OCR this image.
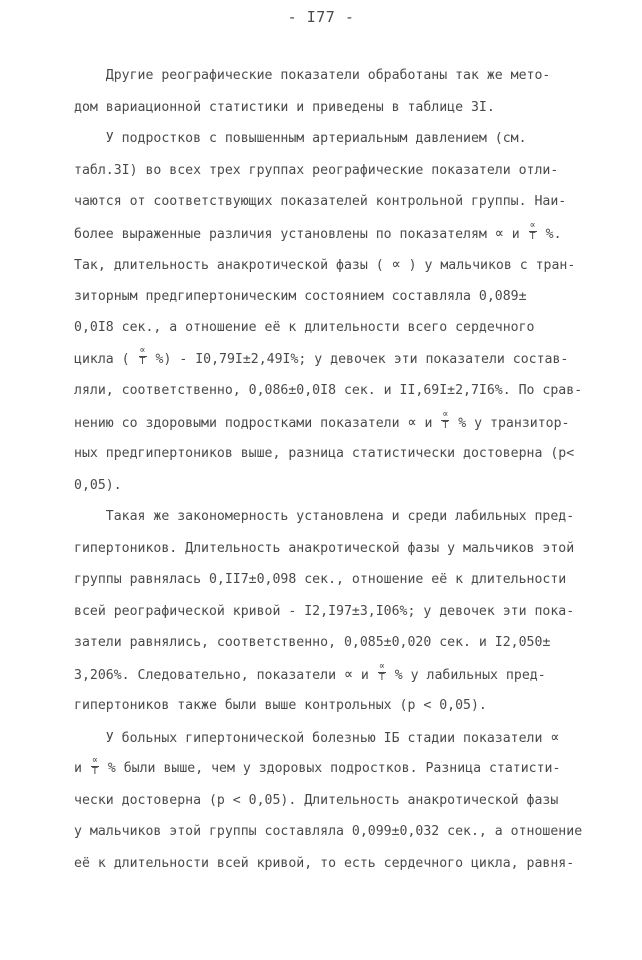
- I77 -
Другие реографические показатели обработаны так же мето-
дом вариационной статистики и приведены в таблице 3I.
У подростков с повышенным артериальным давлением (см.
табл.3I) во всех трех группах реографические показатели отли-
чаются от соответствующих показателей контрольной группы. Наи-
более выраженные различия установлены по показателям ∝ и $\frac{\propto}{T}$ %.
Так, длительность анакротической фазы ( ∝ ) у мальчиков с тран-
зиторным предгипертоническим состоянием составляла 0,089±
0,0I8 сек., а отношение её к длительности всего сердечного
цикла ( $\frac{\propto}{T}$ %) - I0,79I±2,49I%; у девочек эти показатели состав-
ляли, соответственно, 0,086±0,0I8 сек. и II,69I±2,7I6%. По срав-
нению со здоровыми подростками показатели ∝ и $\frac{\propto}{T}$ % у транзитор-
ных предгипертоников выше, разница статистически достоверна (р<
0,05).
Такая же закономерность установлена и среди лабильных пред-
гипертоников. Длительность анакротической фазы у мальчиков этой
группы равнялась 0,II7±0,098 сек., отношение её к длительности
всей реографической кривой - I2,I97±3,I06%; у девочек эти пока-
затели равнялись, соответственно, 0,085±0,020 сек. и I2,050±
3,206%. Следовательно, показатели ∝ и $\frac{\propto}{T}$ % у лабильных пред-
гипертоников также были выше контрольных (р < 0,05).
У больных гипертонической болезнью IБ стадии показатели ∝
и $\frac{\propto}{T}$ % были выше, чем у здоровых подростков. Разница статисти-
чески достоверна (р < 0,05). Длительность анакротической фазы
у мальчиков этой группы составляла 0,099±0,032 сек., а отношение
её к длительности всей кривой, то есть сердечного цикла, равня-
